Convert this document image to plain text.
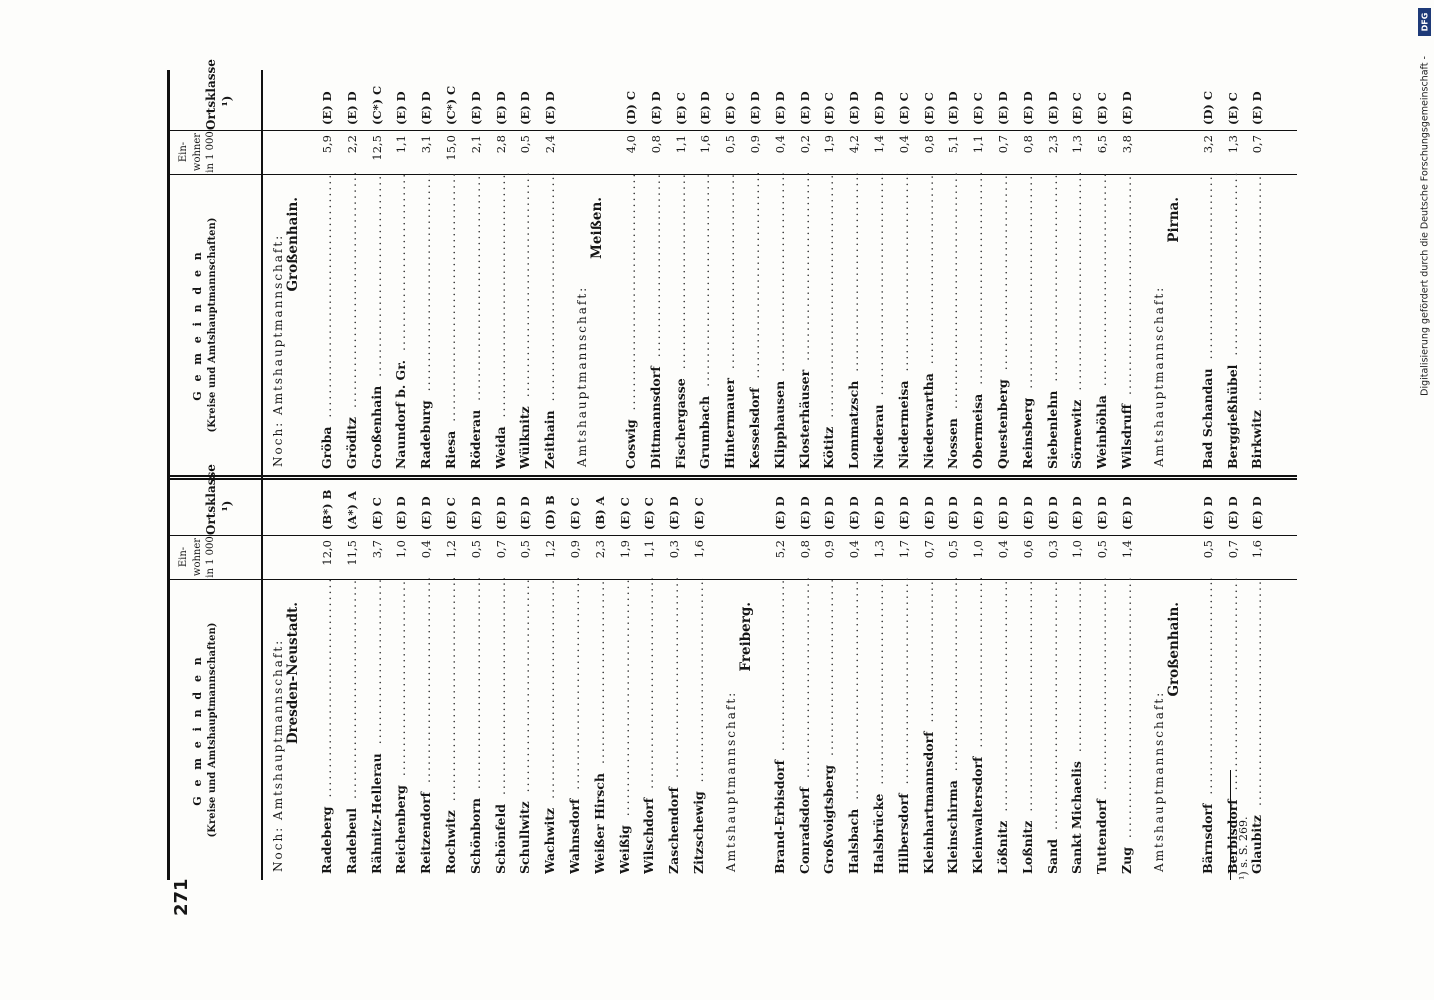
271
G e m e i n d e n (Kreise und Amtshauptmannschaften)
Ein- wohner in 1 000
Ortsklasse ¹)
Noch: Amtshauptmannschaft: Dresden-Neustadt.
Radeberg .....
12,0
(B*) B
Radebeul .....
11,5
(A*) A
Rähnitz-Hellerau .....
3,7
(E) C
Reichenberg .....
1,0
(E) D
Reitzendorf .....
0,4
(E) D
Rochwitz .....
1,2
(E) C
Schönborn .....
0,5
(E) D
Schönfeld .....
0,7
(E) D
Schullwitz .....
0,5
(E) D
Wachwitz .....
1,2
(D) B
Wahnsdorf .....
0,9
(E) C
Weißer Hirsch .....
2,3
(B) A
Weißig .....
1,9
(E) C
Wilschdorf .....
1,1
(E) C
Zaschendorf .....
0,3
(E) D
Zitzschewig .....
1,6
(E) C
Amtshauptmannschaft:
Freiberg.
Brand-Erbisdorf .....
5,2
(E) D
Conradsdorf .....
0,8
(E) D
Großvoigtsberg .....
0,9
(E) D
Halsbach .....
0,4
(E) D
Halsbrücke .....
1,3
(E) D
Hilbersdorf .....
1,7
(E) D
Kleinhartmannsdorf .....
0,7
(E) D
Kleinschirma .....
0,5
(E) D
Kleinwaltersdorf .....
1,0
(E) D
Lößnitz .....
0,4
(E) D
Loßnitz .....
0,6
(E) D
Sand .....
0,3
(E) D
Sankt Michaelis .....
1,0
(E) D
Tuttendorf .....
0,5
(E) D
Zug .....
1,4
(E) D
Amtshauptmannschaft:
Großenhain.
Bärnsdorf .....
0,5
(E) D
Berbisdorf .....
0,7
(E) D
Glaubitz .....
1,6
(E) D
G e m e i n d e n (Kreise und Amtshauptmannschaften)
Ein- wohner in 1 000
Ortsklasse ¹)
Noch: Amtshauptmannschaft: Großenhain.
Gröba .....
5,9
(E) D
Gröditz .....
2,2
(E) D
Großenhain .....
12,5
(C*) C
Naundorf b. Gr. .....
1,1
(E) D
Radeburg .....
3,1
(E) D
Riesa .....
15,0
(C*) C
Röderau .....
2,1
(E) D
Weida .....
2,8
(E) D
Wülknitz .....
0,5
(E) D
Zeithain .....
2,4
(E) D
Amtshauptmannschaft:
Meißen.
Coswig .....
4,0
(D) C
Dittmannsdorf .....
0,8
(E) D
Fischergasse .....
1,1
(E) C
Grumbach .....
1,6
(E) D
Hintermauer .....
0,5
(E) C
Kesselsdorf .....
0,9
(E) D
Klipphausen .....
0,4
(E) D
Klosterhäuser .....
0,2
(E) D
Kötitz .....
1,9
(E) C
Lommatzsch .....
4,2
(E) D
Niederau .....
1,4
(E) D
Niedermeisa .....
0,4
(E) C
Niederwartha .....
0,8
(E) C
Nossen .....
5,1
(E) D
Obermeisa .....
1,1
(E) C
Questenberg .....
0,7
(E) D
Reinsberg .....
0,8
(E) D
Siebenlehn .....
2,3
(E) D
Sörnewitz .....
1,3
(E) C
Weinböhla .....
6,5
(E) C
Wilsdruff .....
3,8
(E) D
Amtshauptmannschaft:
Pirna.
Bad Schandau .....
3,2
(D) C
Berggießhübel .....
1,3
(E) C
Birkwitz .....
0,7
(E) D
¹) s. S. 269.
DFG
Digitalisierung gefördert durch die Deutsche Forschungsgemeinschaft -
